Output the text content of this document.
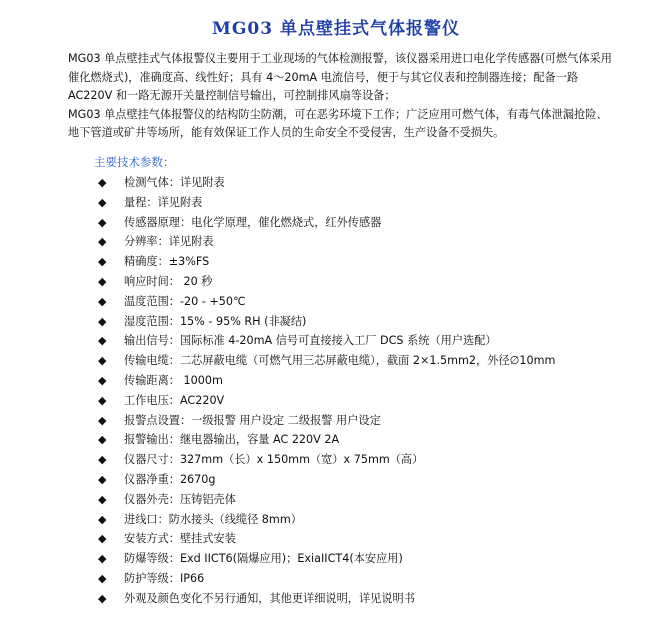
MG03 单点壁挂式气体报警仪

MG03 单点壁挂式气体报警仪主要用于工业现场的气体检测报警，该仪器采用进口电化学传感器(可燃气体采用催化燃烧式)，准确度高、线性好；具有 4～20mA 电流信号，便于与其它仪表和控制器连接；配备一路 AC220V 和一路无源开关量控制信号输出，可控制排风扇等设备；

MG03 单点壁挂气体报警仪的结构防尘防潮，可在恶劣环境下工作；广泛应用可燃气体，有毒气体泄漏抢险、地下管道或矿井等场所，能有效保证工作人员的生命安全不受侵害，生产设备不受损失。

主要技术参数：
◆ 检测气体：详见附表
◆ 量程：详见附表
◆ 传感器原理：电化学原理，催化燃烧式，红外传感器
◆ 分辨率：详见附表
◆ 精确度：±3%FS
◆ 响应时间： 20 秒
◆ 温度范围：-20 - +50℃
◆ 湿度范围：15% - 95% RH (非凝结)
◆ 输出信号：国际标准 4-20mA 信号可直接接入工厂 DCS 系统（用户选配）
◆ 传输电缆：二芯屏蔽电缆（可燃气用三芯屏蔽电缆），截面 2×1.5mm2，外径∅10mm
◆ 传输距离： 1000m
◆ 工作电压：AC220V
◆ 报警点设置：一级报警 用户设定 二级报警 用户设定
◆ 报警输出：继电器输出，容量 AC 220V 2A
◆ 仪器尺寸：327mm（长）x 150mm（宽）x 75mm（高）
◆ 仪器净重：2670g
◆ 仪器外壳：压铸铝壳体
◆ 进线口：防水接头（线缆径 8mm）
◆ 安装方式：壁挂式安装
◆ 防爆等级：Exd IICT6(隔爆应用)；ExiaIICT4(本安应用)
◆ 防护等级：IP66
◆ 外观及颜色变化不另行通知，其他更详细说明，详见说明书
